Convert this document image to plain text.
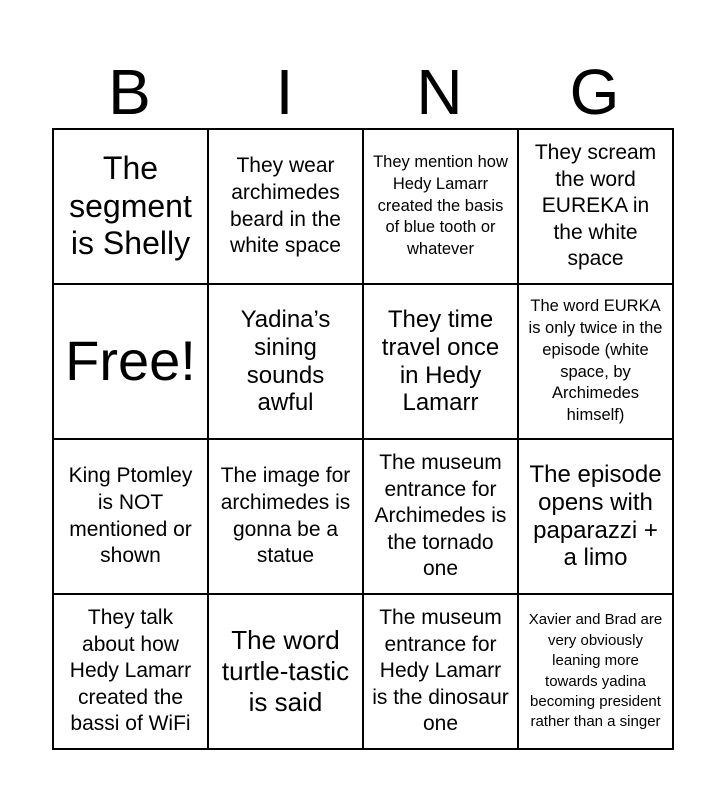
B	I	N	G
The segment is Shelly	They wear archimedes beard in the white space	They mention how Hedy Lamarr created the basis of blue tooth or whatever	They scream the word EUREKA in the white space
Free!	Yadina’s sining sounds awful	They time travel once in Hedy Lamarr	The word EURKA is only twice in the episode (white space, by Archimedes himself)
King Ptomley is NOT mentioned or shown	The image for archimedes is gonna be a statue	The museum entrance for Archimedes is the tornado one	The episode opens with paparazzi + a limo
They talk about how Hedy Lamarr created the bassi of WiFi	The word turtle-tastic is said	The museum entrance for Hedy Lamarr is the dinosaur one	Xavier and Brad are very obviously leaning more towards yadina becoming president rather than a singer
